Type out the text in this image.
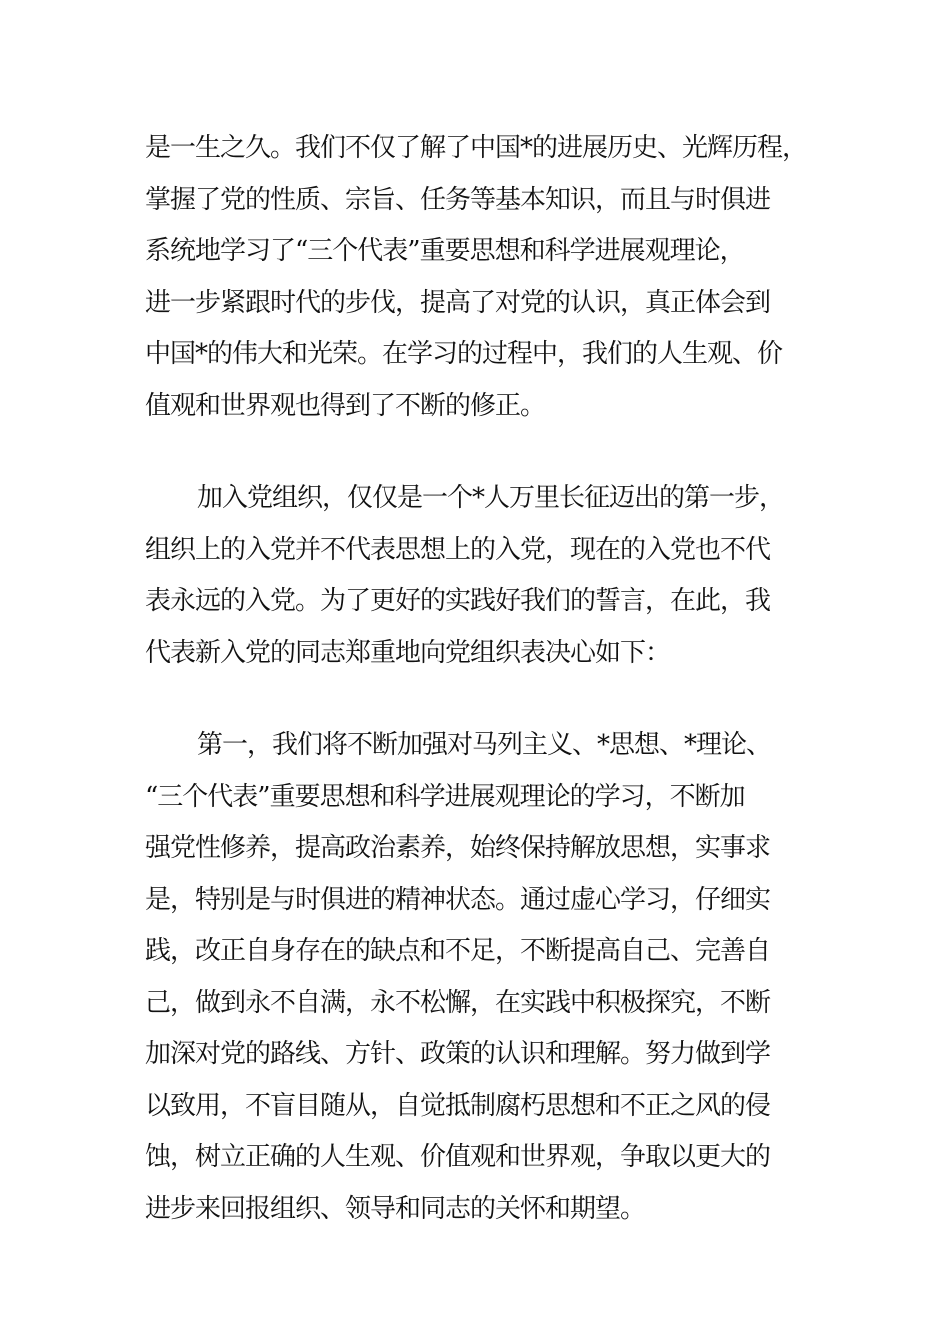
是一生之久。我们不仅了解了中国*的进展历史、光辉历程，
掌握了党的性质、宗旨、任务等基本知识，而且与时俱进
系统地学习了“三个代表”重要思想和科学进展观理论，
进一步紧跟时代的步伐，提高了对党的认识，真正体会到
中国*的伟大和光荣。在学习的过程中，我们的人生观、价
值观和世界观也得到了不断的修正。
加入党组织，仅仅是一个*人万里长征迈出的第一步，
组织上的入党并不代表思想上的入党，现在的入党也不代
表永远的入党。为了更好的实践好我们的誓言，在此，我
代表新入党的同志郑重地向党组织表决心如下：
第一，我们将不断加强对马列主义、*思想、*理论、
“三个代表”重要思想和科学进展观理论的学习，不断加
强党性修养，提高政治素养，始终保持解放思想，实事求
是，特别是与时俱进的精神状态。通过虚心学习，仔细实
践，改正自身存在的缺点和不足，不断提高自己、完善自
己，做到永不自满，永不松懈，在实践中积极探究，不断
加深对党的路线、方针、政策的认识和理解。努力做到学
以致用，不盲目随从，自觉抵制腐朽思想和不正之风的侵
蚀，树立正确的人生观、价值观和世界观，争取以更大的
进步来回报组织、领导和同志的关怀和期望。
